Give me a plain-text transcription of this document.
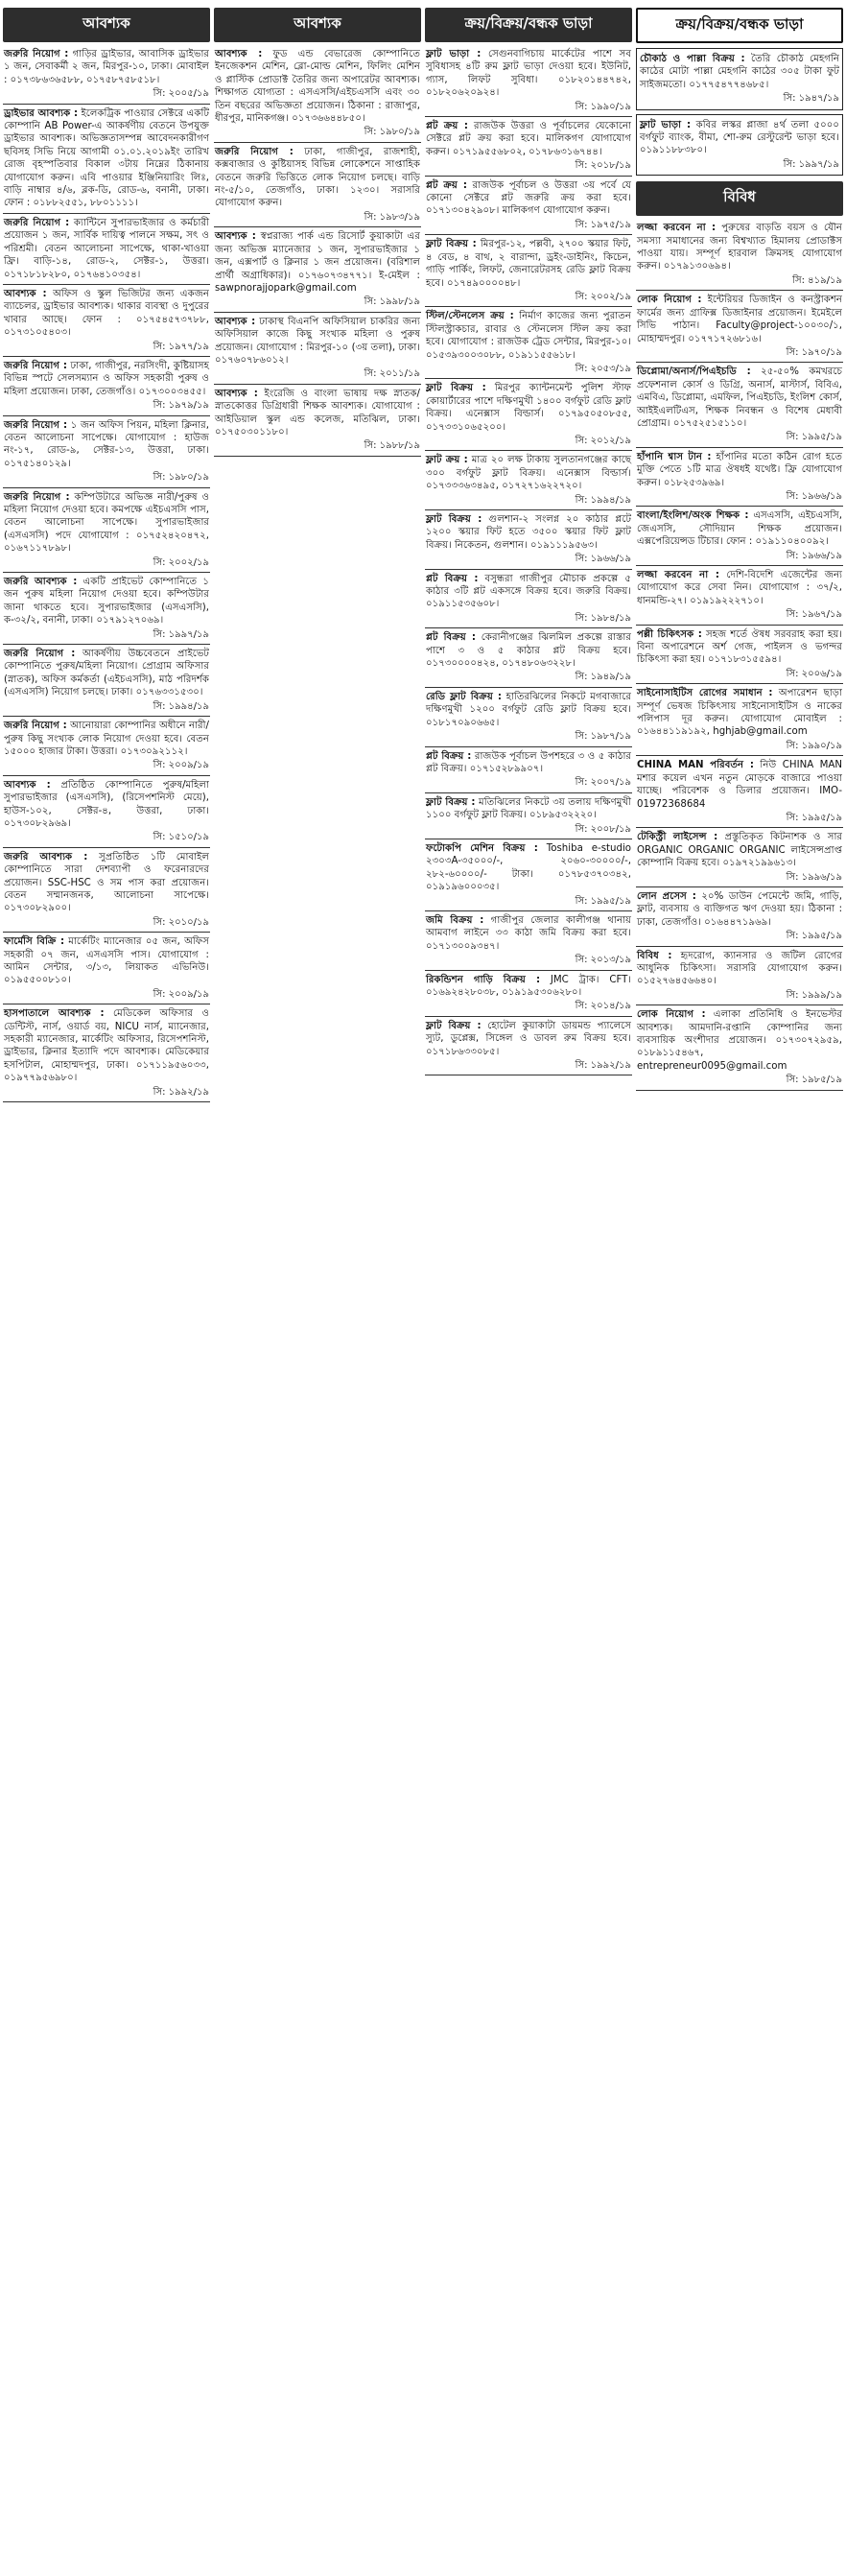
আবশ্যক
জরুরি নিয়োগ : গাড়ির ড্রাইভার, আবাসিক ড্রাইভার ১ জন, সেবাকর্মী ২ জন, মিরপুর-১০, ঢাকা। মোবাইল : ০১৭৩৮৬৩৬৫৮৮, ০১৭৫৮৭৫৮৫১৮।
সি: ২০০৫/১৯
ড্রাইভার আবশ্যক : ইলেকট্রিক পাওয়ার সেক্টরে একটি কোম্পানি AB Power-এ আকর্ষণীয় বেতনে উপযুক্ত ড্রাইভার আবশ্যক। অভিজ্ঞতাসম্পন্ন আবেদনকারীগণ ছবিসহ সিভি নিয়ে আগামী ০১.০১.২০১৯ইং তারিখ রোজ বৃহস্পতিবার বিকাল ৩টায় নিম্নের ঠিকানায় যোগাযোগ করুন। এবি পাওয়ার ইঞ্জিনিয়ারিং লিঃ, বাড়ি নাম্বার ৪/৬, ব্লক-ডি, রোড-৬, বনানী, ঢাকা। ফোন : ০১৮৮২৫৫১, ৮৮০১১১১।
জরুরি নিয়োগ : ক্যান্টিনে সুপারভাইজার ও কর্মচারী প্রয়োজন ১ জন, সার্বিক দায়িত্ব পালনে সক্ষম, সৎ ও পরিশ্রমী। বেতন আলোচনা সাপেক্ষে, থাকা-খাওয়া ফ্রি। বাড়ি-১৪, রোড-২, সেক্টর-১, উত্তরা। ০১৭১৮১৮২৮০, ০১৭৬৪১০৩৫৪।
আবশ্যক : অফিস ও স্কুল ভিজিটর জন্য একজন ব্যাচেলর, ড্রাইভার আবশ্যক। থাকার ব্যবস্থা ও দুপুরের খাবার আছে। ফোন : ০১৭৫৪৫৭৩৭৮৮, ০১৭৩১০৫৪০৩।
সি: ১৯৭৭/১৯
জরুরি নিয়োগ : ঢাকা, গাজীপুর, নরসিংদী, কুষ্টিয়াসহ বিভিন্ন স্পটে সেলসম্যান ও অফিস সহকারী পুরুষ ও মহিলা প্রয়োজন। ঢাকা, তেজগাঁও। ০১৭৩০০৩৪৫৫।
সি: ১৯৭৯/১৯
জরুরি নিয়োগ : ১ জন অফিস পিয়ন, মহিলা ক্লিনার, বেতন আলোচনা সাপেক্ষে। যোগাযোগ : হাউজ নং-১৭, রোড-৯, সেক্টর-১৩, উত্তরা, ঢাকা। ০১৭৫১৪০১২৯।
সি: ১৯৮০/১৯
জরুরি নিয়োগ : কম্পিউটারে অভিজ্ঞ নারী/পুরুষ ও মহিলা নিয়োগ দেওয়া হবে। কমপক্ষে এইচএসসি পাস, বেতন আলোচনা সাপেক্ষে। সুপারভাইজার (এসএসসি) পদে যোগাযোগ : ০১৭৫২৪২০৪৭২, ০১৬৭১১৭৮৯৮।
সি: ২০০২/১৯
জরুরি আবশ্যক : একটি প্রাইভেট কোম্পানিতে ১ জন পুরুষ মহিলা নিয়োগ দেওয়া হবে। কম্পিউটার জানা থাকতে হবে। সুপারভাইজার (এসএসসি), ক-৩২/২, বনানী, ঢাকা। ০১৭৯১২৭০৬৯।
সি: ১৯৯৭/১৯
জরুরি নিয়োগ : আকর্ষণীয় উচ্চবেতনে প্রাইভেট কোম্পানিতে পুরুষ/মহিলা নিয়োগ। প্রোগ্রাম অফিসার (স্নাতক), অফিস কর্মকর্তা (এইচএসসি), মাঠ পরিদর্শক (এসএসসি) নিয়োগ চলছে। ঢাকা। ০১৭৬৩৩১৫৩০।
সি: ১৯৯৪/১৯
জরুরি নিয়োগ : আনোয়ারা কোম্পানির অধীনে নারী/পুরুষ কিছু সংখ্যক লোক নিয়োগ দেওয়া হবে। বেতন ১৫০০০ হাজার টাকা। উত্তরা। ০১৭৩০৯২১১২।
সি: ২০০৯/১৯
আবশ্যক : প্রতিষ্ঠিত কোম্পানিতে পুরুষ/মহিলা সুপারভাইজার (এসএসসি), (রিসেপশনিস্ট মেয়ে), হাউস-১০২, সেক্টর-৪, উত্তরা, ঢাকা। ০১৭৩০৮২৯৬৯।
সি: ১৫১০/১৯
জরুরি আবশ্যক : সুপ্রতিষ্ঠিত ১টি মোবাইল কোম্পানিতে সারা দেশব্যাপী ও ফরেনারদের প্রয়োজন। SSC-HSC ও সম পাস করা প্রয়োজন। বেতন সম্মানজনক, আলোচনা সাপেক্ষে। ০১৭৩০৮২৯০০।
সি: ২০১০/১৯
ফার্মেসি বিক্রি : মার্কেটিং ম্যানেজার ০৫ জন, অফিস সহকারী ০৭ জন, এসএসসি পাস। যোগাযোগ : আমিন সেন্টার, ৩/১৩, লিয়াকত এভিনিউ। ০১৯৫৫০০৮১০।
সি: ২০০৯/১৯
হাসপাতালে আবশ্যক : মেডিকেল অফিসার ও ডেন্টিস্ট, নার্স, ওয়ার্ড বয়, NICU নার্স, ম্যানেজার, সহকারী ম্যানেজার, মার্কেটিং অফিসার, রিসেপশনিস্ট, ড্রাইভার, ক্লিনার ইত্যাদি পদে আবশ্যক। মেডিকেয়ার হসপিটাল, মোহাম্মদপুর, ঢাকা। ০১৭১১৯৫৬০৩৩, ০১৯৭৭৯৫৬৯৮০।
সি: ১৯৯২/১৯
আবশ্যক
আবশ্যক : ফুড এন্ড বেভারেজ কোম্পানিতে ইনজেকশন মেশিন, ব্লো-মোল্ড মেশিন, ফিলিং মেশিন ও প্লাস্টিক প্রোডাক্ট তৈরির জন্য অপারেটর আবশ্যক। শিক্ষাগত যোগ্যতা : এসএসসি/এইচএসসি এবং ৩০ তিন বছরের অভিজ্ঞতা প্রয়োজন। ঠিকানা : রাজাপুর, ধীরপুর, মানিকগঞ্জ। ০১৭৩৬৬৪৪৮৫০।
সি: ১৯৮০/১৯
জরুরি নিয়োগ : ঢাকা, গাজীপুর, রাজশাহী, কক্সবাজার ও কুষ্টিয়াসহ বিভিন্ন লোকেশনে সাপ্তাহিক বেতনে জরুরি ভিত্তিতে লোক নিয়োগ চলছে। বাড়ি নং-৫/১০, তেজগাঁও, ঢাকা। ১২৩০। সরাসরি যোগাযোগ করুন।
সি: ১৯৮৩/১৯
আবশ্যক : স্বপ্নরাজ্য পার্ক এন্ড রিসোর্ট কুয়াকাটা এর জন্য অভিজ্ঞ ম্যানেজার ১ জন, সুপারভাইজার ১ জন, এক্সপার্ট ও ক্লিনার ১ জন প্রয়োজন। (বরিশাল প্রার্থী অগ্রাধিকার)। ০১৭৬০৭৩৪৭৭১। ই-মেইল : sawpnorajjopark@gmail.com
সি: ১৯৯৮/১৯
আবশ্যক : ঢাকাস্থ বিএনপি অফিসিয়াল চাকরির জন্য অফিসিয়াল কাজে কিছু সংখ্যক মহিলা ও পুরুষ প্রয়োজন। যোগাযোগ : মিরপুর-১০ (৩য় তলা), ঢাকা। ০১৭৬০৭৮৬০১২।
সি: ২০১১/১৯
আবশ্যক : ইংরেজি ও বাংলা ভাষায় দক্ষ স্নাতক/স্নাতকোত্তর ডিগ্রিধারী শিক্ষক আবশ্যক। যোগাযোগ : আইডিয়াল স্কুল এন্ড কলেজ, মতিঝিল, ঢাকা। ০১৭৫০৩০১১৮০।
সি: ১৯৮৮/১৯
ক্রয়/বিক্রয়/বন্ধক ভাড়া
ফ্লাট ভাড়া : সেগুনবাগিচায় মার্কেটের পাশে সব সুবিধাসহ ৪টি রুম ফ্লাট ভাড়া দেওয়া হবে। ইউনিট, গ্যাস, লিফট সুবিধা। ০১৮২০১৪৪৭৪২, ০১৮২০৬২০৯২৪।
সি: ১৯৯০/১৯
প্লট ক্রয় : রাজউক উত্তরা ও পূর্বাচলের যেকোনো সেক্টরে প্লট ক্রয় করা হবে। মালিকগণ যোগাযোগ করুন। ০১৭১৯৫৫৬৮০২, ০১৭৮৬৩১৬৭৪৪।
সি: ২০১৮/১৯
প্লট ক্রয় : রাজউক পূর্বাচল ও উত্তরা ৩য় পর্বে যে কোনো সেক্টরে প্লট জরুরি ক্রয় করা হবে। ০১৭১৩০৪২৯০৮। মালিকগণ যোগাযোগ করুন।
সি: ১৯৭৫/১৯
ফ্লাট বিক্রয় : মিরপুর-১২, পল্লবী, ২৭০০ স্কয়ার ফিট, ৪ বেড, ৪ বাথ, ২ বারান্দা, ড্রইং-ডাইনিং, কিচেন, গাড়ি পার্কিং, লিফট, জেনারেটরসহ রেডি ফ্লাট বিক্রয় হবে। ০১৭৪৯০০০০৪৮।
সি: ২০০২/১৯
স্টিল/স্টেনলেস ক্রয় : নির্মাণ কাজের জন্য পুরাতন স্টিলস্ট্রাকচার, রাবার ও স্টেনলেস স্টিল ক্রয় করা হবে। যোগাযোগ : রাজউক ট্রেড সেন্টার, মিরপুর-১০। ০১৫৩৯৩০০৩০৮৮, ০১৯১১৫৫৬১৮।
সি: ২০৫৩/১৯
ফ্লাট বিক্রয় : মিরপুর ক্যান্টনমেন্ট পুলিশ স্টাফ কোয়ার্টারের পাশে দক্ষিণমুখী ১৪০০ বর্গফুট রেডি ফ্লাট বিক্রয়। এনেক্সাস বিল্ডার্স। ০১৭৯৫০৫০৮৫৫, ০১৭৩৩১০৬৫২০০।
সি: ২০১২/১৯
ফ্লাট ক্রয় : মাত্র ২০ লক্ষ টাকায় সুলতানগঞ্জের কাছে ৩০০ বর্গফুট ফ্লাট বিক্রয়। এনেক্সাস বিল্ডার্স। ০১৭৩৩৩৬৩৪৯৫, ০১৭২৭১৬২২৭২০।
সি: ১৯৯৪/১৯
ফ্লাট বিক্রয় : গুলশান-২ সংলগ্ন ২০ কাঠার প্লটে ১২০০ স্কয়ার ফিট হতে ৩৫০০ স্কয়ার ফিট ফ্লাট বিক্রয়। নিকেতন, গুলশান। ০১৯১১১৯৫৬৩।
সি: ১৯৬৬/১৯
প্লট বিক্রয় : বসুন্ধরা গাজীপুর মৌচাক প্রকল্পে ৫ কাঠার ৩টি প্লট একসঙ্গে বিক্রয় হবে। জরুরি বিক্রয়। ০১৯১১৫৩৫৬০৮।
সি: ১৯৮৪/১৯
প্লট বিক্রয় : কেরানীগঞ্জের ঝিলমিল প্রকল্পে রাস্তার পাশে ৩ ও ৫ কাঠার প্লট বিক্রয় হবে। ০১৭৩০০০০৪২৪, ০১৭৪৮০৬৩২২৮।
সি: ১৯৪৯/১৯
রেডি ফ্লাট বিক্রয় : হাতিরঝিলের নিকটে মগবাজারে দক্ষিণমুখী ১২০০ বর্গফুট রেডি ফ্লাট বিক্রয় হবে। ০১৮১৭০৯০৬৬৫।
সি: ১৯৮৭/১৯
প্লট বিক্রয় : রাজউক পূর্বাচল উপশহরে ৩ ও ৫ কাঠার প্লট বিক্রয়। ০১৭১৫২৮৯৯০৭।
সি: ২০০৭/১৯
ফ্লাট বিক্রয় : মতিঝিলের নিকটে ৩য় তলায় দক্ষিণমুখী ১১০০ বর্গফুট ফ্লাট বিক্রয়। ০১৮৯৫৩২২২০।
সি: ২০০৮/১৯
ফটোকপি মেশিন বিক্রয় : Toshiba e-studio ২৩০৩A-৩৫০০০/-, ২০৬০-৩০০০০/-, ২৮২-৬০০০০/- টাকা। ০১৭৮৫৩৭০৩৪২, ০১৯১৯৬০০০৩৫।
সি: ১৯৯৫/১৯
জমি বিক্রয় : গাজীপুর জেলার কালীগঞ্জ থানায় আমবাগ লাইনে ৩৩ কাঠা জমি বিক্রয় করা হবে। ০১৭১৩০০৯৩৪৭।
সি: ২০১৩/১৯
রিকন্ডিশন গাড়ি বিক্রয় : JMC ট্রাক। CFT। ০১৬৯২৪২৮০৩৮, ০১৯১৯৫৩০৬২৮০।
সি: ২০১৪/১৯
ফ্লাট বিক্রয় : হোটেল কুয়াকাটা ডায়মন্ড প্যালেসে স্যুট, ডুপ্লেক্স, সিঙ্গেল ও ডাবল রুম বিক্রয় হবে। ০১৭১৮৬৩৩০৮৫।
সি: ১৯৯২/১৯
ক্রয়/বিক্রয়/বন্ধক ভাড়া
চৌকাঠ ও পাল্লা বিক্রয় : তৈরি চৌকাঠ মেহগনি কাঠের মোটা পাল্লা মেহগনি কাঠের ৩০৫ টাকা ফুট সাইজমতো। ০১৭৭৫৪৭৭৪৬৮৫।
সি: ১৯৪৭/১৯
ফ্লাট ভাড়া : কবির লস্কর প্লাজা ৪র্থ তলা ৫০০০ বর্গফুট ব্যাংক, বীমা, শো-রুম রেস্টুরেন্ট ভাড়া হবে। ০১৯১১৮৮৩৮০।
সি: ১৯৯৭/১৯
বিবিধ
লজ্জা করবেন না : পুরুষের বাড়তি বয়স ও যৌন সমস্যা সমাধানের জন্য বিশ্বখ্যাত হিমালয় প্রোডাক্টস পাওয়া যায়। সম্পূর্ণ হারবাল ক্রিমসহ যোগাযোগ করুন। ০১৭৯১৩০৬৯৪।
সি: ৪১৯/১৯
লোক নিয়োগ : ইন্টেরিয়র ডিজাইন ও কনস্ট্রাকশন ফার্মের জন্য গ্রাফিক্স ডিজাইনার প্রয়োজন। ইমেইলে সিভি পাঠান। Faculty@project-১০০৩০/১, মোহাম্মদপুর। ০১৭৭১৭২৬৮১৬।
সি: ১৯৭০/১৯
ডিপ্লোমা/অনার্স/পিএইচডি : ২৫-৫০% কমখরচে প্রফেশনাল কোর্স ও ডিগ্রি, অনার্স, মাস্টার্স, বিবিএ, এমবিএ, ডিপ্লোমা, এমফিল, পিএইচডি, ইংলিশ কোর্স, আইইএলটিএস, শিক্ষক নিবন্ধন ও বিশেষ মেধাবী প্রোগ্রাম। ০১৭৫২৫১৫১১০।
সি: ১৯৯৫/১৯
হাঁপানি শ্বাস টান : হাঁপানির মতো কঠিন রোগ হতে মুক্তি পেতে ১টি মাত্র ঔষধই যথেষ্ট। ফ্রি যোগাযোগ করুন। ০১৮২৫৩৯৬৯।
সি: ১৯৬৬/১৯
বাংলা/ইংলিশ/অংক শিক্ষক : এসএসসি, এইচএসসি, জেএসসি, সৌদিয়ান শিক্ষক প্রয়োজন। এক্সপেরিয়েন্সড টিচার। ফোন : ০১৯১১০৪০০৯২।
সি: ১৯৬৬/১৯
লজ্জা করবেন না : দেশি-বিদেশি এজেন্টের জন্য যোগাযোগ করে সেবা নিন। যোগাযোগ : ৩৭/২, ধানমন্ডি-২৭। ০১৯১৯২২২৭১০।
সি: ১৯৬৭/১৯
পল্লী চিকিৎসক : সহজ শর্তে ঔষধ সরবরাহ করা হয়। বিনা অপারেশনে অর্শ গেজ, পাইলস ও ভগন্দর চিকিৎসা করা হয়। ০১৭১৮৩১৫৫৯৪।
সি: ২০০৬/১৯
সাইনোসাইটিস রোগের সমাধান : অপারেশন ছাড়া সম্পূর্ণ ভেষজ চিকিৎসায় সাইনোসাইটিস ও নাকের পলিপাস দূর করুন। যোগাযোগ মোবাইল : ০১৬৪৪১১৯১৯২, hghjab@gmail.com
সি: ১৯৯০/১৯
CHINA MAN পরিবর্তন : নিউ CHINA MAN মশার কয়েল এখন নতুন মোড়কে বাজারে পাওয়া যাচ্ছে। পরিবেশক ও ডিলার প্রয়োজন। IMO-01972368684
সি: ১৯৯৫/১৯
টেকিস্ট্রী লাইসেন্স : প্রস্তুতিকৃত কিটনাশক ও সার ORGANIC ORGANIC ORGANIC লাইসেন্সপ্রাপ্ত কোম্পানি বিক্রয় হবে। ০১৯৭২১৯৯৬১৩।
সি: ১৯৯৬/১৯
লোন প্রসেস : ২০% ডাউন পেমেন্টে জমি, গাড়ি, ফ্লাট, ব্যবসায় ও ব্যক্তিগত ঋণ দেওয়া হয়। ঠিকানা : ঢাকা, তেজগাঁও। ০১৬৪৪৭১৯৬৯।
সি: ১৯৯৫/১৯
বিবিধ : হৃদরোগ, ক্যানসার ও জটিল রোগের আধুনিক চিকিৎসা। সরাসরি যোগাযোগ করুন। ০১৫২৭৬৪৫৬৬৪০।
সি: ১৯৯৯/১৯
লোক নিয়োগ : এলাকা প্রতিনিধি ও ইনভেস্টর আবশ্যক। আমদানি-রপ্তানি কোম্পানির জন্য ব্যবসায়িক অংশীদার প্রয়োজন। ০১৭৩০৭২৯৫৯, ০১৮৯১১৫৪৬৭, entrepreneur0095@gmail.com
সি: ১৯৮৫/১৯
